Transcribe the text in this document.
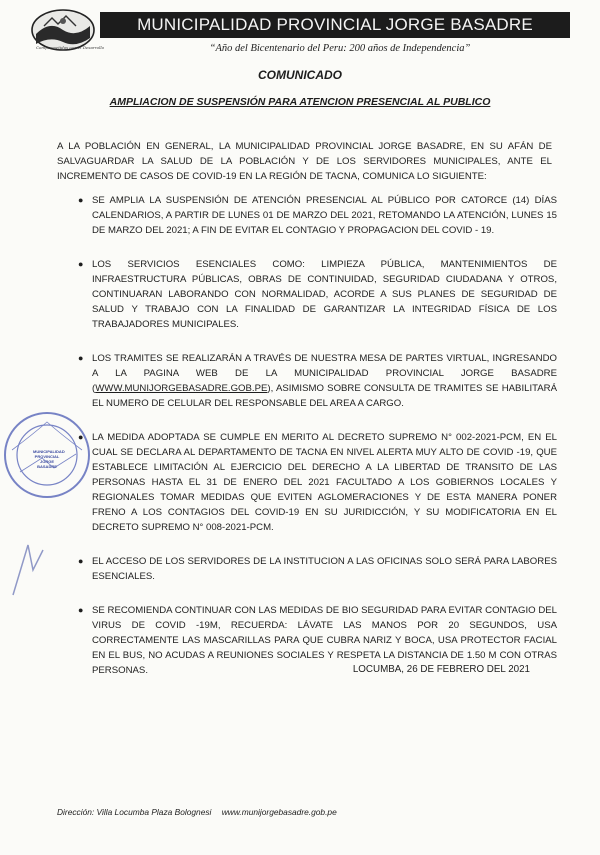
Comprometidos con el Desarrollo
MUNICIPALIDAD PROVINCIAL JORGE BASADRE
“Año del Bicentenario del Peru: 200 años de Independencia”
COMUNICADO
AMPLIACION DE SUSPENSIÓN PARA ATENCION PRESENCIAL AL PUBLICO

A LA POBLACIÓN EN GENERAL, LA MUNICIPALIDAD PROVINCIAL JORGE BASADRE, EN SU AFÁN DE SALVAGUARDAR LA SALUD DE LA POBLACIÓN Y DE LOS SERVIDORES MUNICIPALES, ANTE EL INCREMENTO DE CASOS DE COVID-19 EN LA REGIÓN DE TACNA, COMUNICA LO SIGUIENTE:

● SE AMPLIA LA SUSPENSIÓN DE ATENCIÓN PRESENCIAL AL PÚBLICO POR CATORCE (14) DÍAS CALENDARIOS, A PARTIR DE LUNES 01 DE MARZO DEL 2021, RETOMANDO LA ATENCIÓN, LUNES 15 DE MARZO DEL 2021; A FIN DE EVITAR EL CONTAGIO Y PROPAGACION DEL COVID - 19.
● LOS SERVICIOS ESENCIALES COMO: LIMPIEZA PÚBLICA, MANTENIMIENTOS DE INFRAESTRUCTURA PÚBLICAS, OBRAS DE CONTINUIDAD, SEGURIDAD CIUDADANA Y OTROS, CONTINUARAN LABORANDO CON NORMALIDAD, ACORDE A SUS PLANES DE SEGURIDAD DE SALUD Y TRABAJO CON LA FINALIDAD DE GARANTIZAR LA INTEGRIDAD FÍSICA DE LOS TRABAJADORES MUNICIPALES.
● LOS TRAMITES SE REALIZARÁN A TRAVÉS DE NUESTRA MESA DE PARTES VIRTUAL, INGRESANDO A LA PAGINA WEB DE LA MUNICIPALIDAD PROVINCIAL JORGE BASADRE (WWW.MUNIJORGEBASADRE.GOB.PE), ASIMISMO SOBRE CONSULTA DE TRAMITES SE HABILITARÁ EL NUMERO DE CELULAR DEL RESPONSABLE DEL AREA A CARGO.
● LA MEDIDA ADOPTADA SE CUMPLE EN MERITO AL DECRETO SUPREMO N° 002-2021-PCM, EN EL CUAL SE DECLARA AL DEPARTAMENTO DE TACNA EN NIVEL ALERTA MUY ALTO DE COVID -19, QUE ESTABLECE LIMITACIÓN AL EJERCICIO DEL DERECHO A LA LIBERTAD DE TRANSITO DE LAS PERSONAS HASTA EL 31 DE ENERO DEL 2021 FACULTADO A LOS GOBIERNOS LOCALES Y REGIONALES TOMAR MEDIDAS QUE EVITEN AGLOMERACIONES Y DE ESTA MANERA PONER FRENO A LOS CONTAGIOS DEL COVID-19 EN SU JURIDICCIÓN, Y SU MODIFICATORIA EN EL DECRETO SUPREMO N° 008-2021-PCM.
● EL ACCESO DE LOS SERVIDORES DE LA INSTITUCION A LAS OFICINAS SOLO SERÁ PARA LABORES ESENCIALES.
● SE RECOMIENDA CONTINUAR CON LAS MEDIDAS DE BIO SEGURIDAD PARA EVITAR CONTAGIO DEL VIRUS DE COVID -19M, RECUERDA: LÁVATE LAS MANOS POR 20 SEGUNDOS, USA CORRECTAMENTE LAS MASCARILLAS PARA QUE CUBRA NARIZ Y BOCA, USA PROTECTOR FACIAL EN EL BUS, NO ACUDAS A REUNIONES SOCIALES Y RESPETA LA DISTANCIA DE 1.50 M CON OTRAS PERSONAS.
MUNICIPALIDAD PROVINCIAL JORGE BASADRE
LOCUMBA, 26 DE FEBRERO DEL 2021
Dirección: Villa Locumba Plaza Bolognesi www.munijorgebasadre.gob.pe
